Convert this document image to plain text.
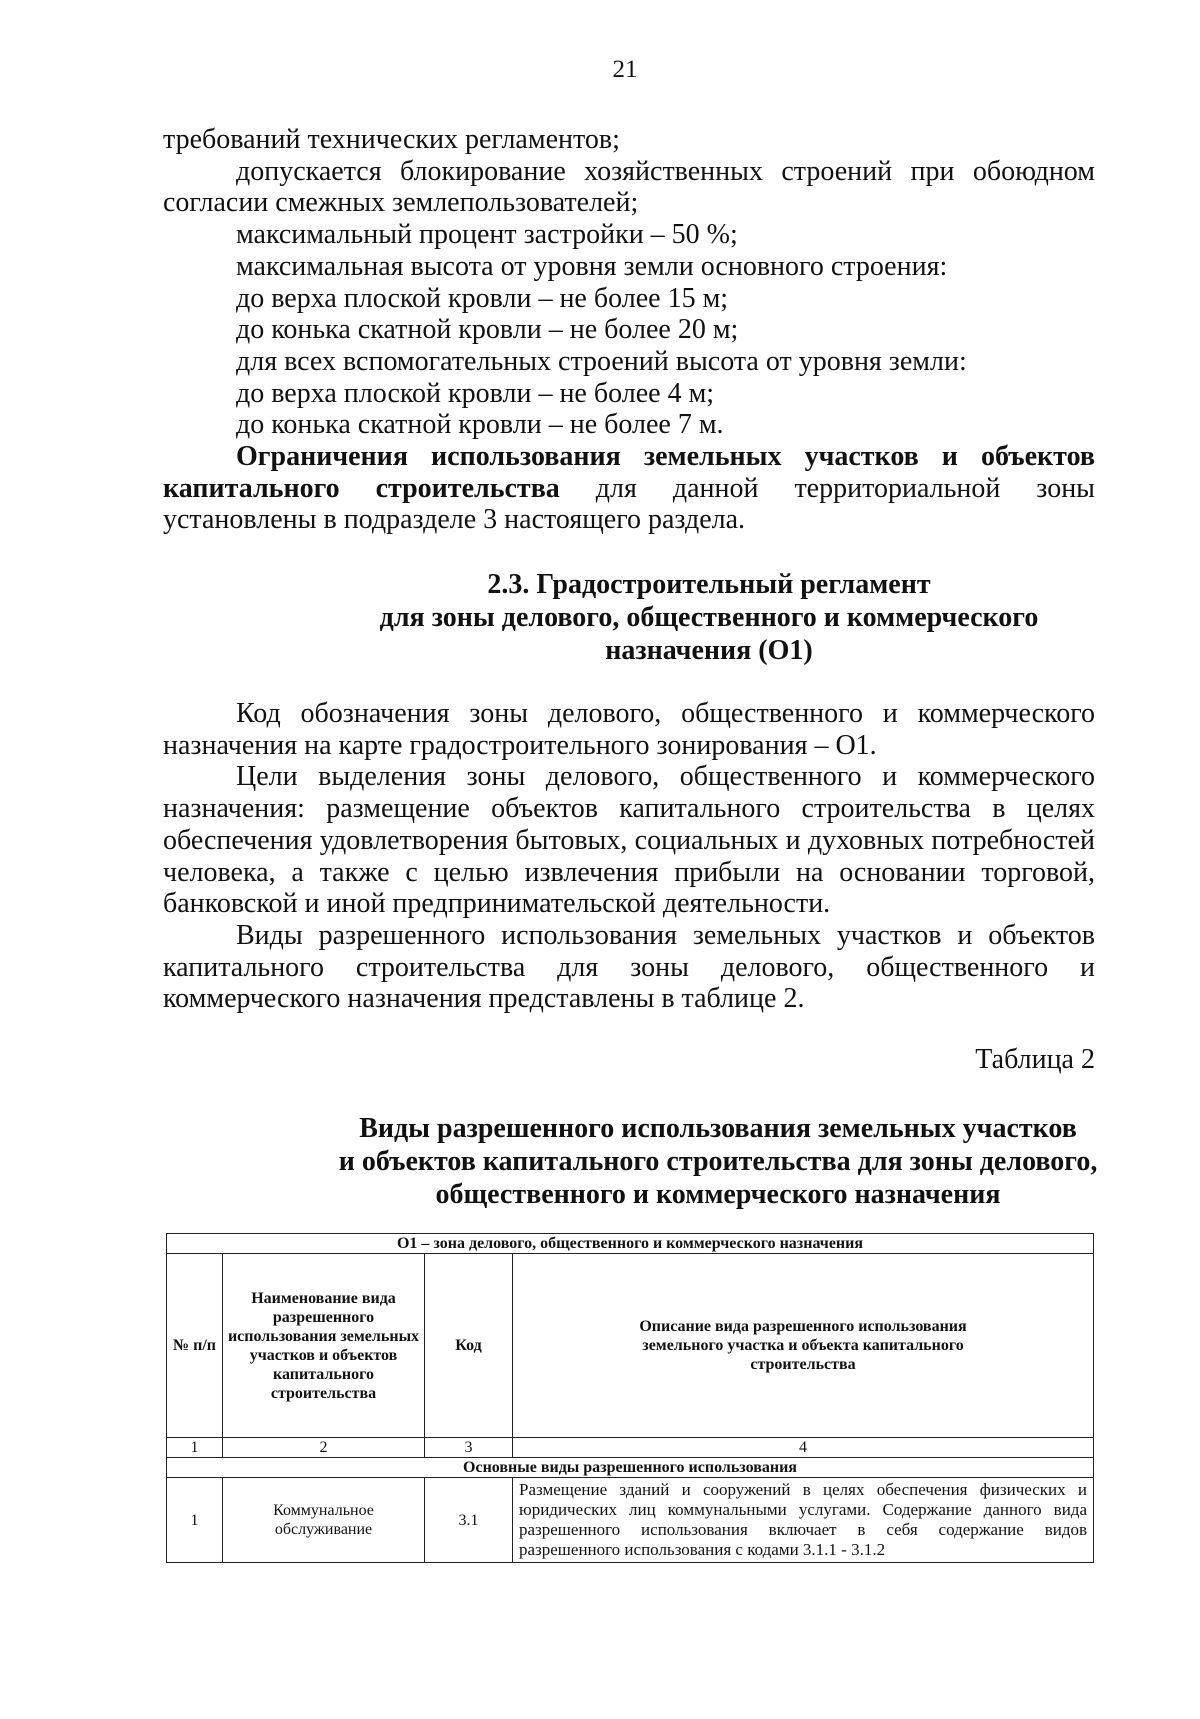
21

требований технических регламентов;

допускается блокирование хозяйственных строений при обоюдном согласии смежных землепользователей;

максимальный процент застройки – 50 %;

максимальная высота от уровня земли основного строения:

до верха плоской кровли – не более 15 м;

до конька скатной кровли – не более 20 м;

для всех вспомогательных строений высота от уровня земли:

до верха плоской кровли – не более 4 м;

до конька скатной кровли – не более 7 м.

Ограничения использования земельных участков и объектов капитального строительства для данной территориальной зоны установлены в подразделе 3 настоящего раздела.

2.3. Градостроительный регламент
для зоны делового, общественного и коммерческого
назначения (О1)

Код обозначения зоны делового, общественного и коммерческого назначения на карте градостроительного зонирования – О1.

Цели выделения зоны делового, общественного и коммерческого назначения: размещение объектов капитального строительства в целях обеспечения удовлетворения бытовых, социальных и духовных потребностей человека, а также с целью извлечения прибыли на основании торговой, банковской и иной предпринимательской деятельности.

Виды разрешенного использования земельных участков и объектов капитального строительства для зоны делового, общественного и коммерческого назначения представлены в таблице 2.

Таблица 2
Виды разрешенного использования земельных участков
и объектов капитального строительства для зоны делового,
общественного и коммерческого назначения
О1 – зона делового, общественного и коммерческого назначения			
№ п/п	Наименование вида разрешенного использования земельных участков и объектов капитального строительства	Код	Описание вида разрешенного использования земельного участка и объекта капитального строительства
1	2	3	4
Основные виды разрешенного использования			
1	Коммунальное обслуживание	3.1	Размещение зданий и сооружений в целях обеспечения физических и юридических лиц коммунальными услугами. Содержание данного вида разрешенного использования включает в себя содержание видов разрешенного использования с кодами 3.1.1 - 3.1.2
